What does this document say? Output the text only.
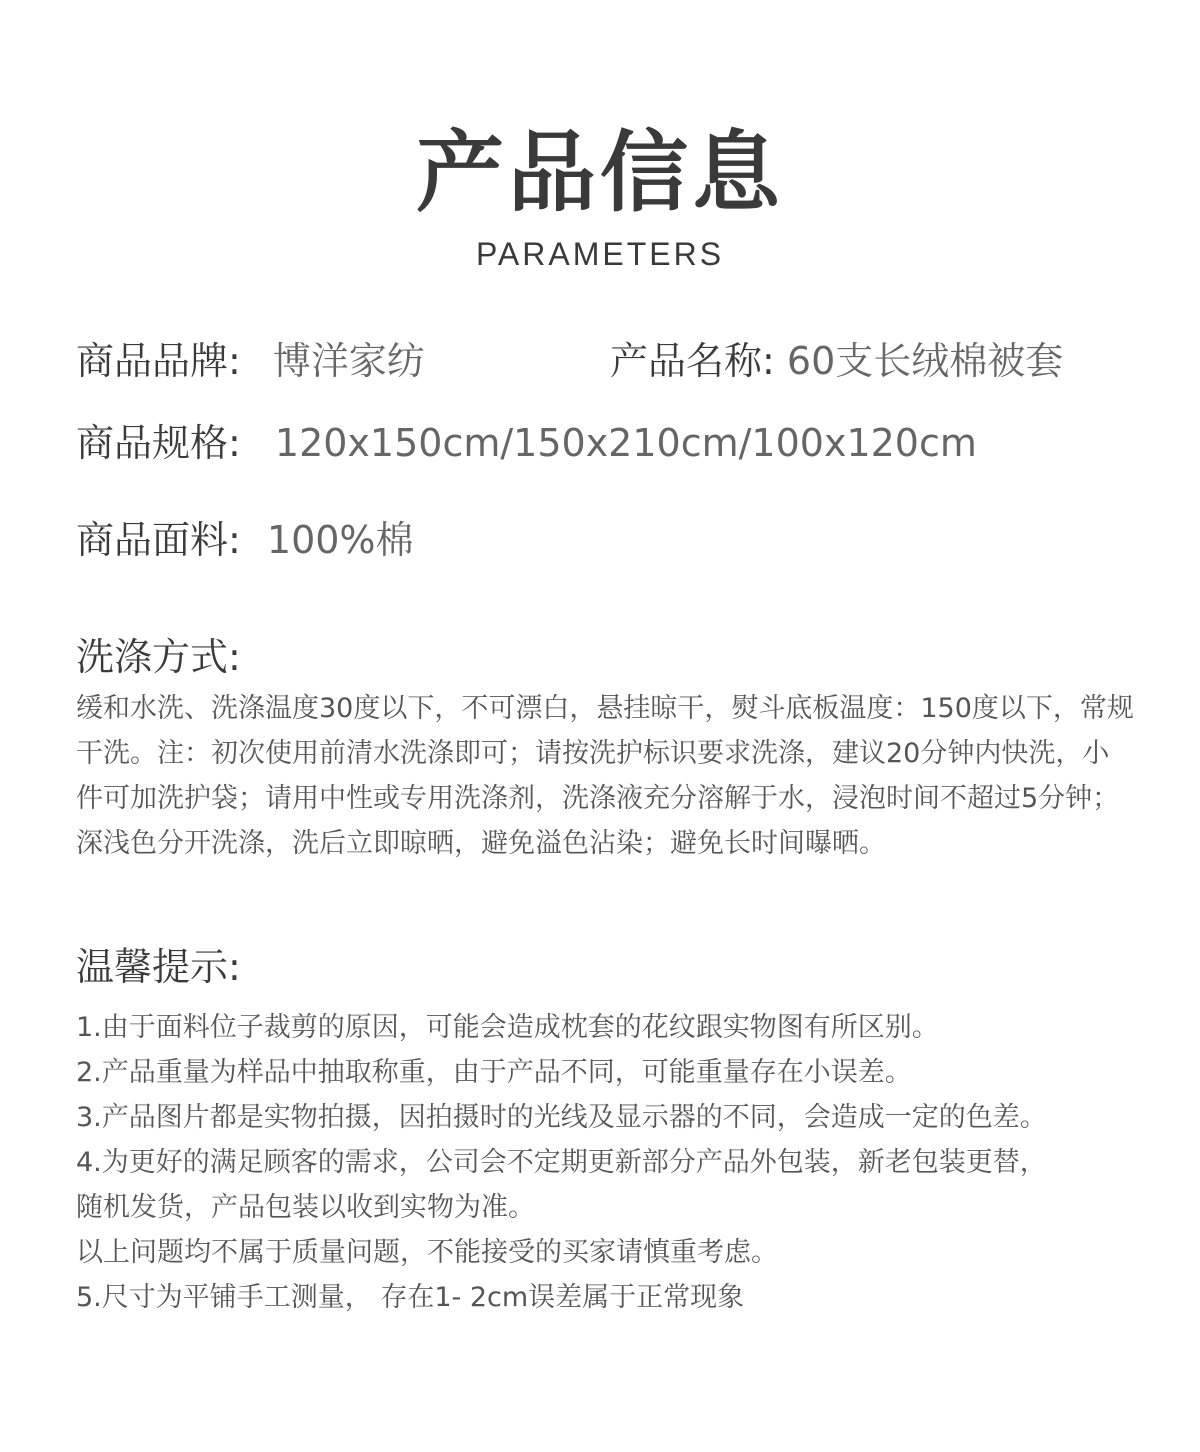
产品信息
PARAMETERS
商品品牌: 博洋家纺	产品名称: 60支长绒棉被套
商品规格: 120x150cm/150x210cm/100x120cm
商品面料: 100%棉
洗涤方式:
缓和水洗、洗涤温度30度以下，不可漂白，悬挂晾干，熨斗底板温度：150度以下，常规干洗。注：初次使用前清水洗涤即可；请按洗护标识要求洗涤，建议20分钟内快洗，小件可加洗护袋；请用中性或专用洗涤剂，洗涤液充分溶解于水，浸泡时间不超过5分钟；深浅色分开洗涤，洗后立即晾晒，避免溢色沾染；避免长时间曝晒。
温馨提示:
1.由于面料位子裁剪的原因，可能会造成枕套的花纹跟实物图有所区别。
2.产品重量为样品中抽取称重，由于产品不同，可能重量存在小误差。
3.产品图片都是实物拍摄，因拍摄时的光线及显示器的不同，会造成一定的色差。
4.为更好的满足顾客的需求，公司会不定期更新部分产品外包装，新老包装更替，
随机发货，产品包装以收到实物为准。
以上问题均不属于质量问题，不能接受的买家请慎重考虑。
5.尺寸为平铺手工测量， 存在1- 2cm误差属于正常现象
